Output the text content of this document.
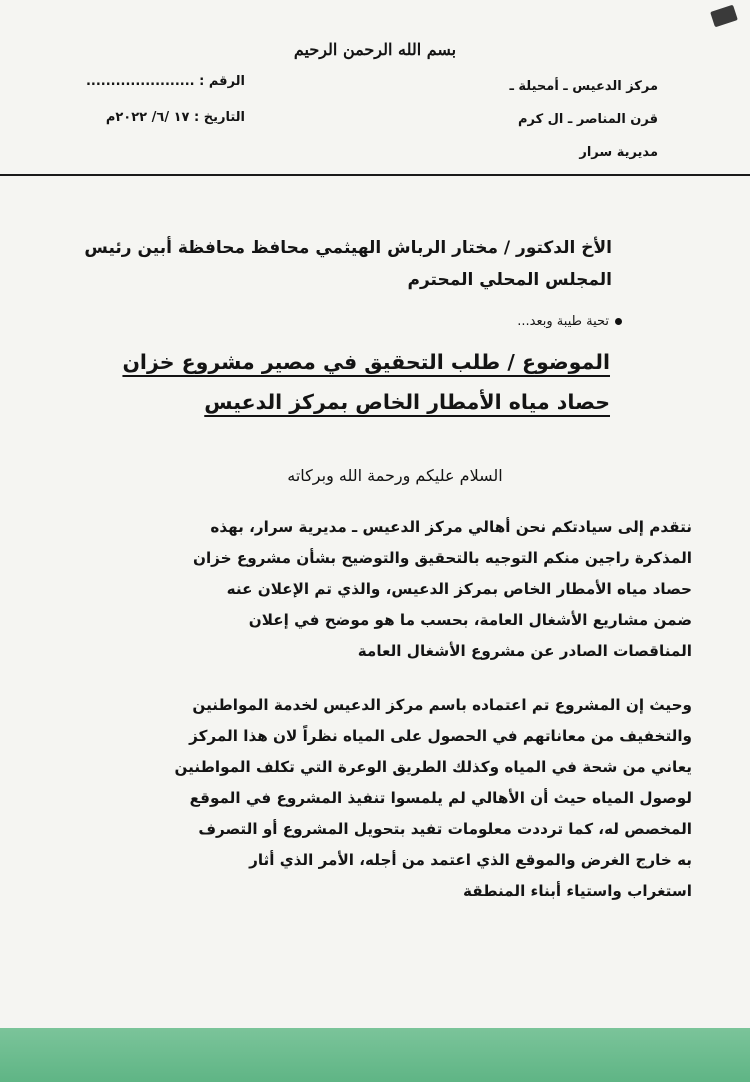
بسم الله الرحمن الرحيم
مركز الدعيس ـ أمحيلة ـ
قرن المناصر ـ ال كرم
مديرية سرار
الرقم : ......................
التاريخ : ١٧ /٦/ ٢٠٢٢م
الأخ الدكتور / مختار الرباش الهيثمي محافظ محافظة أبين رئيس
المجلس المحلي المحترم
تحية طيبة وبعد...
الموضوع / طلب التحقيق في مصير مشروع خزان
حصاد مياه الأمطار الخاص بمركز الدعيس
السلام عليكم ورحمة الله وبركاته
نتقدم إلى سيادتكم نحن أهالي مركز الدعيس ـ مديرية سرار، بهذه
المذكرة راجين منكم التوجيه بالتحقيق والتوضيح بشأن مشروع خزان
حصاد مياه الأمطار الخاص بمركز الدعيس، والذي تم الإعلان عنه
ضمن مشاريع الأشغال العامة، بحسب ما هو موضح في إعلان
المناقصات الصادر عن مشروع الأشغال العامة
وحيث إن المشروع تم اعتماده باسم مركز الدعيس لخدمة المواطنين
والتخفيف من معاناتهم في الحصول على المياه نظراً لان هذا المركز
يعاني من شحة في المياه وكذلك الطريق الوعرة التي تكلف المواطنين
لوصول المياه حيث أن الأهالي لم يلمسوا تنفيذ المشروع في الموقع
المخصص له، كما ترددت معلومات تفيد بتحويل المشروع أو التصرف
به خارج الغرض والموقع الذي اعتمد من أجله، الأمر الذي أثار
استغراب واستياء أبناء المنطقة
